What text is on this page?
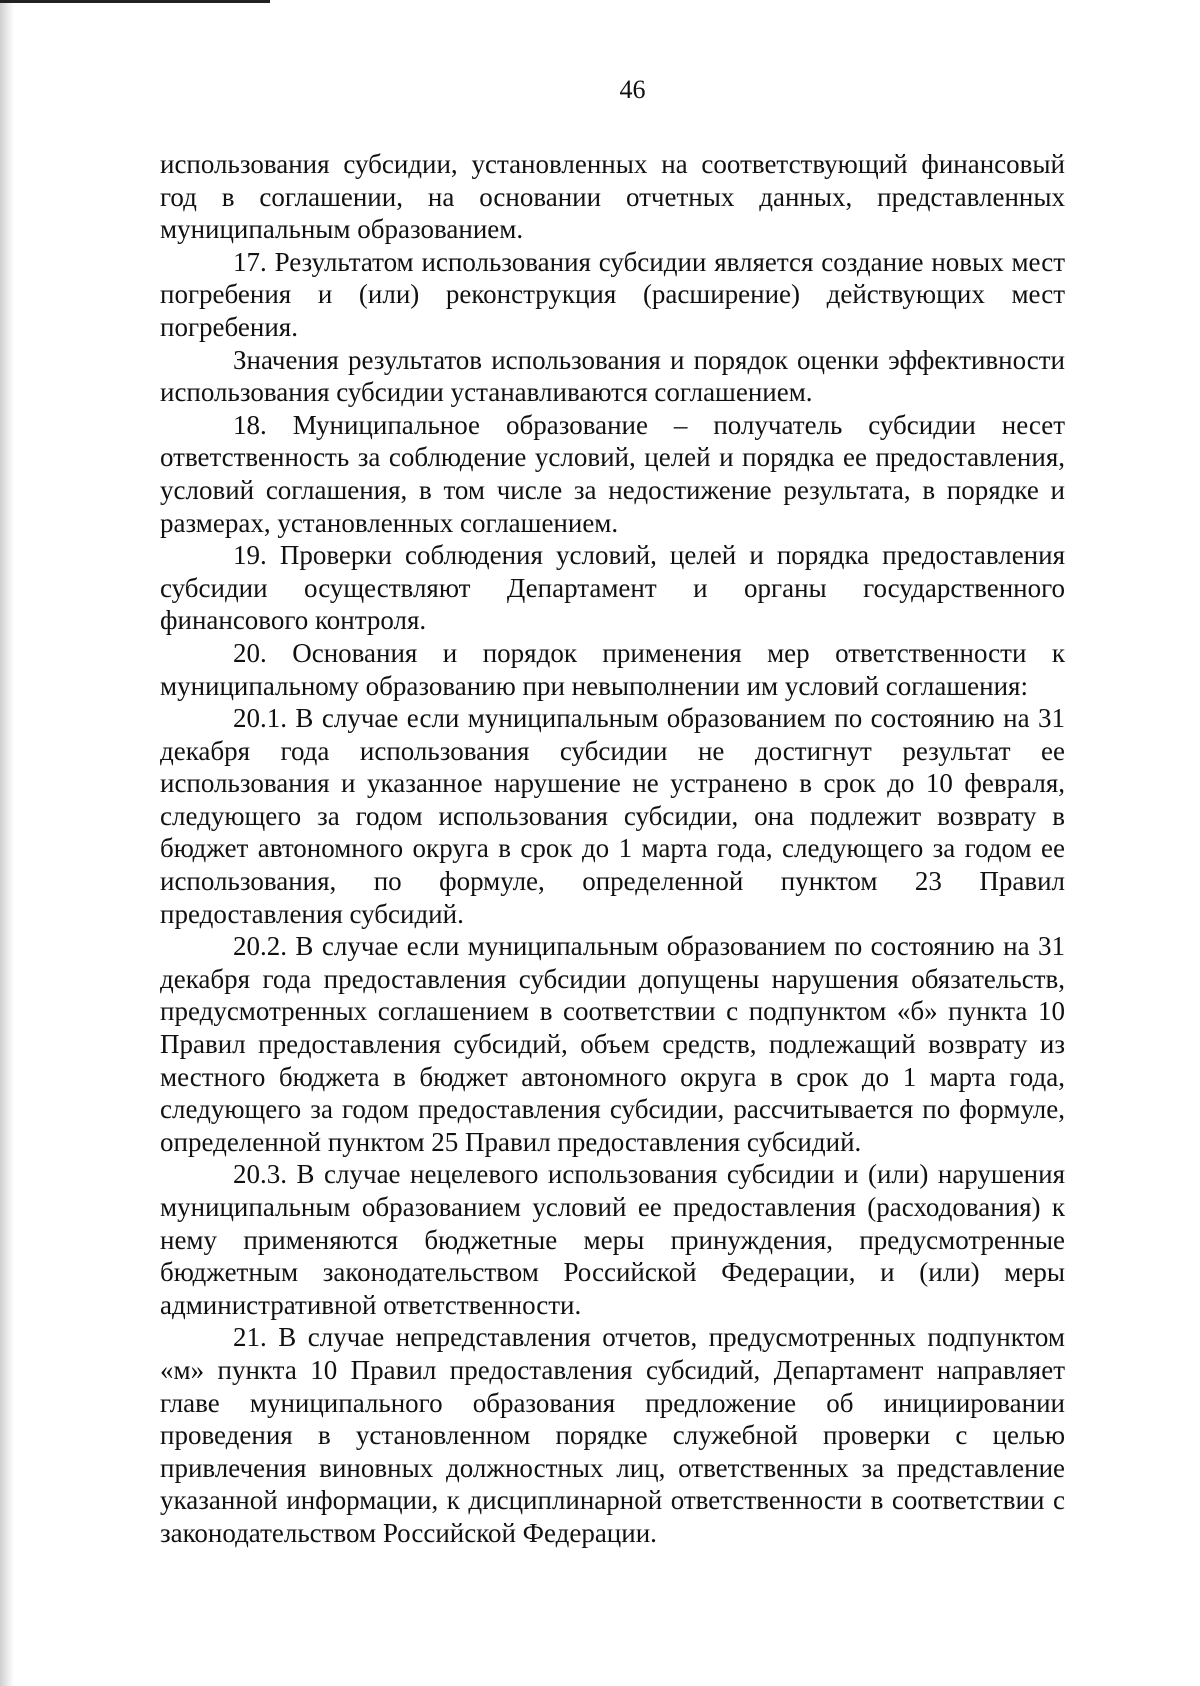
46

использования субсидии, установленных на соответствующий финансовый год в соглашении, на основании отчетных данных, представленных муниципальным образованием.

17. Результатом использования субсидии является создание новых мест погребения и (или) реконструкция (расширение) действующих мест погребения.

Значения результатов использования и порядок оценки эффективности использования субсидии устанавливаются соглашением.

18. Муниципальное образование – получатель субсидии несет ответственность за соблюдение условий, целей и порядка ее предоставления, условий соглашения, в том числе за недостижение результата, в порядке и размерах, установленных соглашением.

19. Проверки соблюдения условий, целей и порядка предоставления субсидии осуществляют Департамент и органы государственного финансового контроля.

20. Основания и порядок применения мер ответственности к муниципальному образованию при невыполнении им условий соглашения:

20.1. В случае если муниципальным образованием по состоянию на 31 декабря года использования субсидии не достигнут результат ее использования и указанное нарушение не устранено в срок до 10 февраля, следующего за годом использования субсидии, она подлежит возврату в бюджет автономного округа в срок до 1 марта года, следующего за годом ее использования, по формуле, определенной пунктом 23 Правил предоставления субсидий.

20.2. В случае если муниципальным образованием по состоянию на 31 декабря года предоставления субсидии допущены нарушения обязательств, предусмотренных соглашением в соответствии с подпунктом «б» пункта 10 Правил предоставления субсидий, объем средств, подлежащий возврату из местного бюджета в бюджет автономного округа в срок до 1 марта года, следующего за годом предоставления субсидии, рассчитывается по формуле, определенной пунктом 25 Правил предоставления субсидий.

20.3. В случае нецелевого использования субсидии и (или) нарушения муниципальным образованием условий ее предоставления (расходования) к нему применяются бюджетные меры принуждения, предусмотренные бюджетным законодательством Российской Федерации, и (или) меры административной ответственности.

21. В случае непредставления отчетов, предусмотренных подпунктом «м» пункта 10 Правил предоставления субсидий, Департамент направляет главе муниципального образования предложение об инициировании проведения в установленном порядке служебной проверки с целью привлечения виновных должностных лиц, ответственных за представление указанной информации, к дисциплинарной ответственности в соответствии с законодательством Российской Федерации.
